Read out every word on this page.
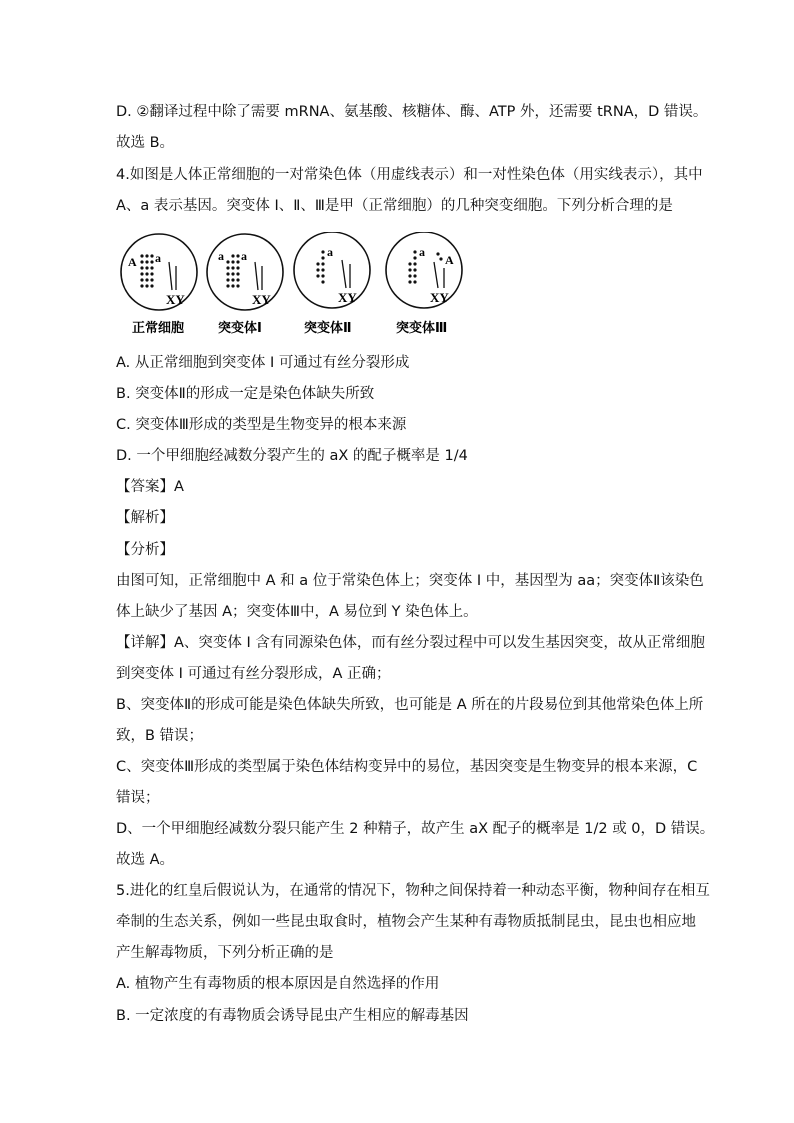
D. ②翻译过程中除了需要 mRNA、氨基酸、核糖体、酶、ATP 外，还需要 tRNA，D 错误。
故选 B。
4.如图是人体正常细胞的一对常染色体（用虚线表示）和一对性染色体（用实线表示），其中
A、a 表示基因。突变体 Ⅰ、Ⅱ、Ⅲ是甲（正常细胞）的几种突变细胞。下列分析合理的是
A a
XY
a a
XY
a
XY
a
A
XY
正常细胞	突变体Ⅰ	突变体Ⅱ	突变体Ⅲ
A. 从正常细胞到突变体 Ⅰ 可通过有丝分裂形成
B. 突变体Ⅱ的形成一定是染色体缺失所致
C. 突变体Ⅲ形成的类型是生物变异的根本来源
D. 一个甲细胞经减数分裂产生的 aX 的配子概率是 1/4
【答案】A
【解析】
【分析】
由图可知，正常细胞中 A 和 a 位于常染色体上；突变体 Ⅰ 中，基因型为 aa；突变体Ⅱ该染色
体上缺少了基因 A；突变体Ⅲ中，A 易位到 Y 染色体上。
【详解】A、突变体 Ⅰ 含有同源染色体，而有丝分裂过程中可以发生基因突变，故从正常细胞
到突变体 Ⅰ 可通过有丝分裂形成，A 正确；
B、突变体Ⅱ的形成可能是染色体缺失所致，也可能是 A 所在的片段易位到其他常染色体上所
致，B 错误；
C、突变体Ⅲ形成的类型属于染色体结构变异中的易位，基因突变是生物变异的根本来源，C
错误；
D、一个甲细胞经减数分裂只能产生 2 种精子，故产生 aX 配子的概率是 1/2 或 0，D 错误。
故选 A。
5.进化的红皇后假说认为，在通常的情况下，物种之间保持着一种动态平衡，物种间存在相互
牵制的生态关系，例如一些昆虫取食时，植物会产生某种有毒物质抵制昆虫，昆虫也相应地
产生解毒物质，下列分析正确的是
A. 植物产生有毒物质的根本原因是自然选择的作用
B. 一定浓度的有毒物质会诱导昆虫产生相应的解毒基因
